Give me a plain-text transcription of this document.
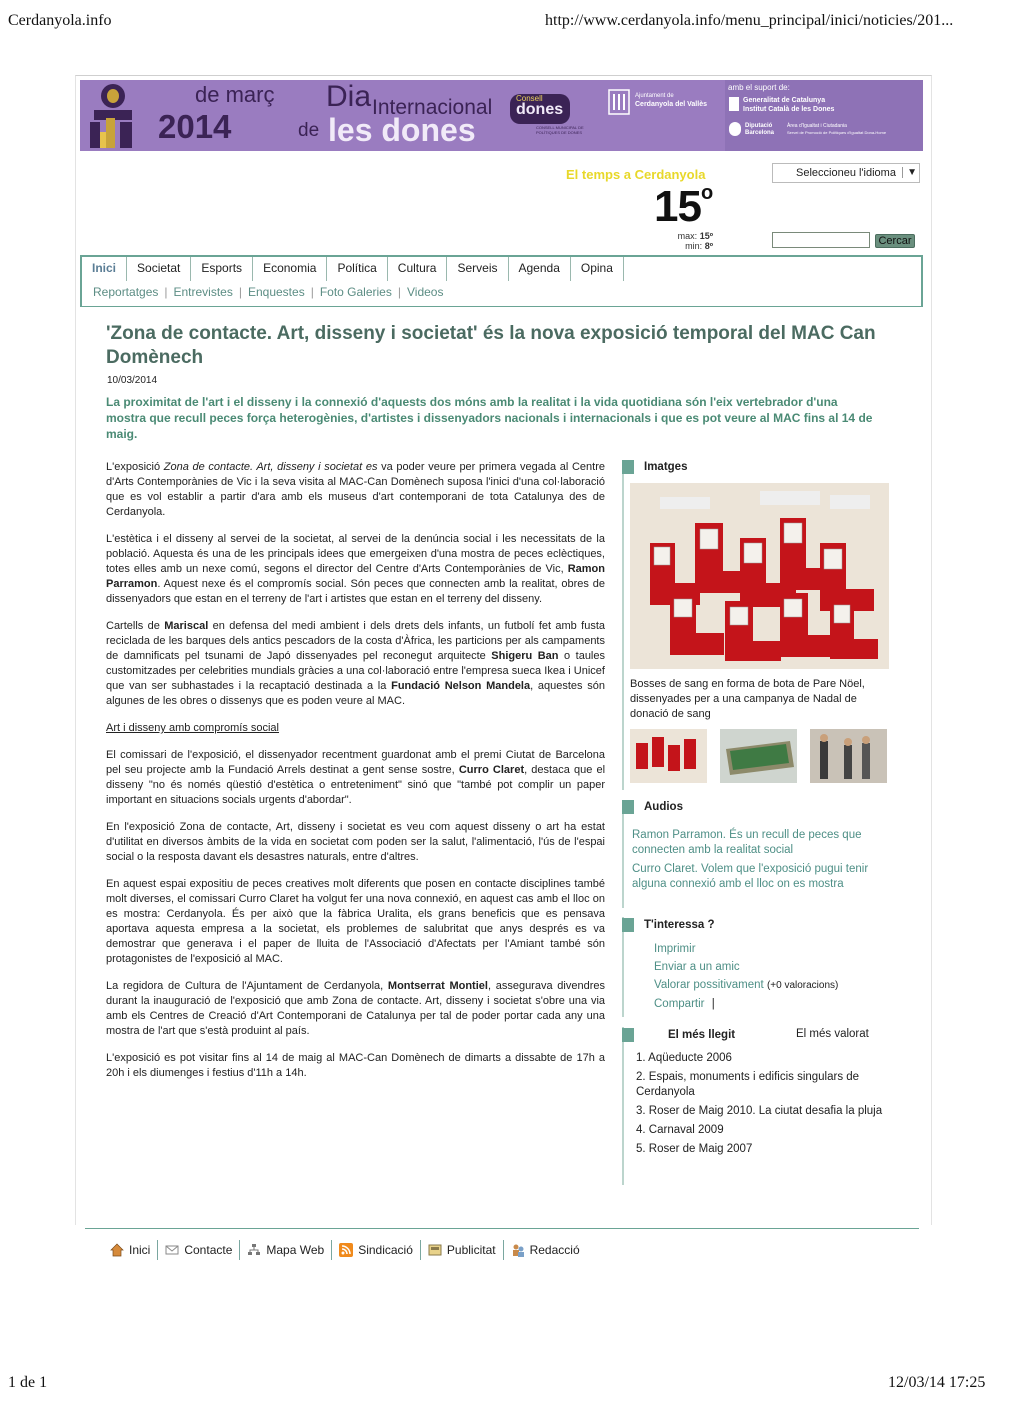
Cerdanyola.info	http://www.cerdanyola.info/menu_principal/inici/noticies/201...
de març
2014
Dia Internacional
de les dones
Consell
dones
CONSELL MUNICIPAL DE POLÍTIQUES DE DONES
Ajuntament de
Cerdanyola del Vallès
amb el suport de:
Generalitat de Catalunya
Institut Català de les Dones
Diputació
Barcelona
Àrea d'Igualtat i Ciutadania
Servei de Promoció de Polítiques d'Igualtat Dona-Home
El temps a Cerdanyola
15$^o$
max: 15º
min: 8º
Seleccioneu l'idioma	▼
Cercar
Inici	Societat	Esports	Economia	Política	Cultura	Serveis	Agenda	Opina
Reportatges | Entrevistes | Enquestes | Foto Galeries | Videos
'Zona de contacte. Art, disseny i societat' és la nova exposició temporal del MAC Can Domènech
10/03/2014
La proximitat de l'art i el disseny i la connexió d'aquests dos móns amb la realitat i la vida quotidiana són l'eix vertebrador d'una mostra que recull peces força heterogènies, d'artistes i dissenyadors nacionals i internacionals i que es pot veure al MAC fins al 14 de maig.

L'exposició Zona de contacte. Art, disseny i societat es va poder veure per primera vegada al Centre d'Arts Contemporànies de Vic i la seva visita al MAC-Can Domènech suposa l'inici d'una col·laboració que es vol establir a partir d'ara amb els museus d'art contemporani de tota Catalunya des de Cerdanyola.

L'estètica i el disseny al servei de la societat, al servei de la denúncia social i les necessitats de la població. Aquesta és una de les principals idees que emergeixen d'una mostra de peces eclèctiques, totes elles amb un nexe comú, segons el director del Centre d'Arts Contemporànies de Vic, Ramon Parramon. Aquest nexe és el compromís social. Són peces que connecten amb la realitat, obres de dissenyadors que estan en el terreny de l'art i artistes que estan en el terreny del disseny.

Cartells de Mariscal en defensa del medi ambient i dels drets dels infants, un futbolí fet amb fusta reciclada de les barques dels antics pescadors de la costa d'Àfrica, les particions per als campaments de damnificats pel tsunami de Japó dissenyades pel reconegut arquitecte Shigeru Ban o taules customitzades per celebrities mundials gràcies a una col·laboració entre l'empresa sueca Ikea i Unicef que van ser subhastades i la recaptació destinada a la Fundació Nelson Mandela, aquestes són algunes de les obres o dissenys que es poden veure al MAC.

Art i disseny amb compromís social

El comissari de l'exposició, el dissenyador recentment guardonat amb el premi Ciutat de Barcelona pel seu projecte amb la Fundació Arrels destinat a gent sense sostre, Curro Claret, destaca que el disseny "no és només qüestió d'estètica o entreteniment" sinó que "també pot complir un paper important en situacions socials urgents d'abordar".

En l'exposició Zona de contacte, Art, disseny i societat es veu com aquest disseny o art ha estat d'utilitat en diversos àmbits de la vida en societat com poden ser la salut, l'alimentació, l'ús de l'espai social o la resposta davant els desastres naturals, entre d'altres.

En aquest espai expositiu de peces creatives molt diferents que posen en contacte disciplines també molt diverses, el comissari Curro Claret ha volgut fer una nova connexió, en aquest cas amb el lloc on es mostra: Cerdanyola. És per això que la fàbrica Uralita, els grans beneficis que es pensava aportava aquesta empresa a la societat, els problemes de salubritat que anys després es va demostrar que generava i el paper de lluita de l'Associació d'Afectats per l'Amiant també són protagonistes de l'exposició al MAC.

La regidora de Cultura de l'Ajuntament de Cerdanyola, Montserrat Montiel, assegurava divendres durant la inauguració de l'exposició que amb Zona de contacte. Art, disseny i societat s'obre una via amb els Centres de Creació d'Art Contemporani de Catalunya per tal de poder portar cada any una mostra de l'art que s'està produint al país.

L'exposició es pot visitar fins al 14 de maig al MAC-Can Domènech de dimarts a dissabte de 17h a 20h i els diumenges i festius d'11h a 14h.

Imatges
Bosses de sang en forma de bota de Pare Nöel, dissenyades per a una campanya de Nadal de donació de sang
Audios
Ramon Parramon. És un recull de peces que connecten amb la realitat social
Curro Claret. Volem que l'exposició pugui tenir alguna connexió amb el lloc on es mostra
T'interessa ?
Imprimir
Enviar a un amic
Valorar possitivament (+0 valoracions)
Compartir |
El més llegit	El més valorat
1. Aqüeducte 2006
2. Espais, monuments i edificis singulars de Cerdanyola
3. Roser de Maig 2010. La ciutat desafia la pluja
4. Carnaval 2009
5. Roser de Maig 2007
Inici	Contacte	Mapa Web	Sindicació	Publicitat	Redacció
1 de 1	12/03/14 17:25
